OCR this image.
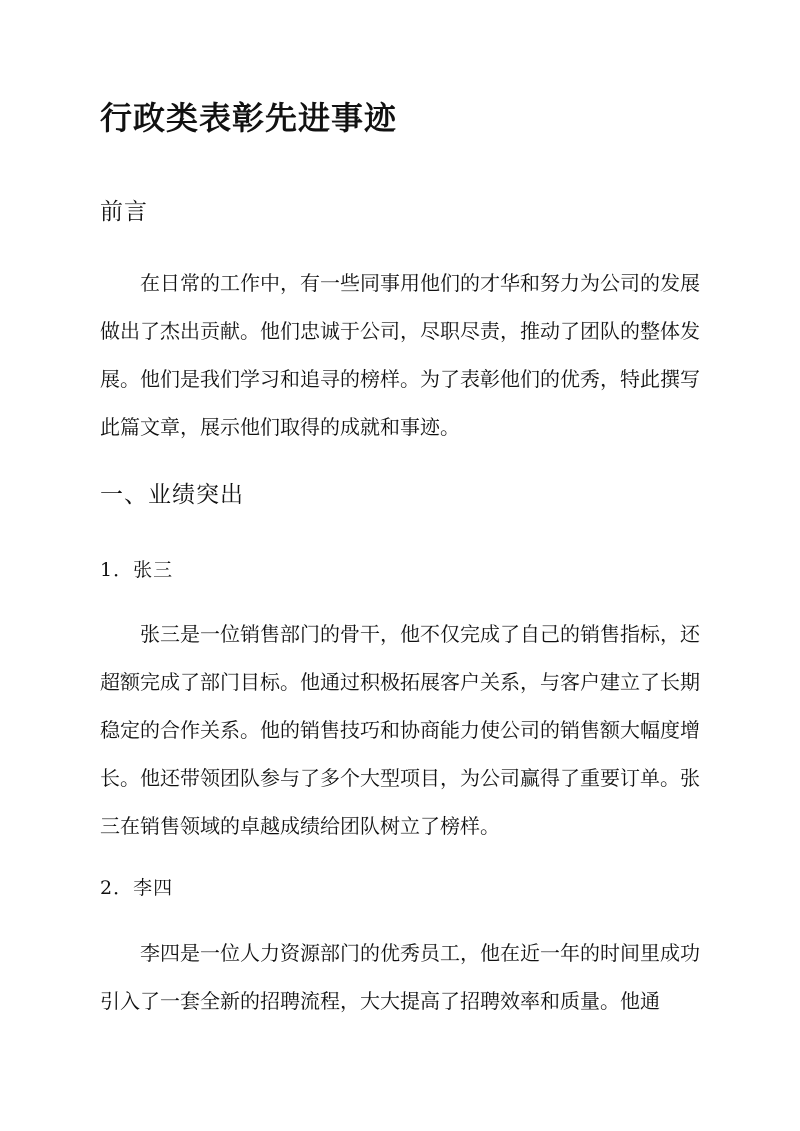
行政类表彰先进事迹
前言

在日常的工作中，有一些同事用他们的才华和努力为公司的发展做出了杰出贡献。他们忠诚于公司，尽职尽责，推动了团队的整体发展。他们是我们学习和追寻的榜样。为了表彰他们的优秀，特此撰写此篇文章，展示他们取得的成就和事迹。

一、业绩突出
1．张三

张三是一位销售部门的骨干，他不仅完成了自己的销售指标，还超额完成了部门目标。他通过积极拓展客户关系，与客户建立了长期稳定的合作关系。他的销售技巧和协商能力使公司的销售额大幅度增长。他还带领团队参与了多个大型项目，为公司赢得了重要订单。张三在销售领域的卓越成绩给团队树立了榜样。

2．李四

李四是一位人力资源部门的优秀员工，他在近一年的时间里成功引入了一套全新的招聘流程，大大提高了招聘效率和质量。他通
